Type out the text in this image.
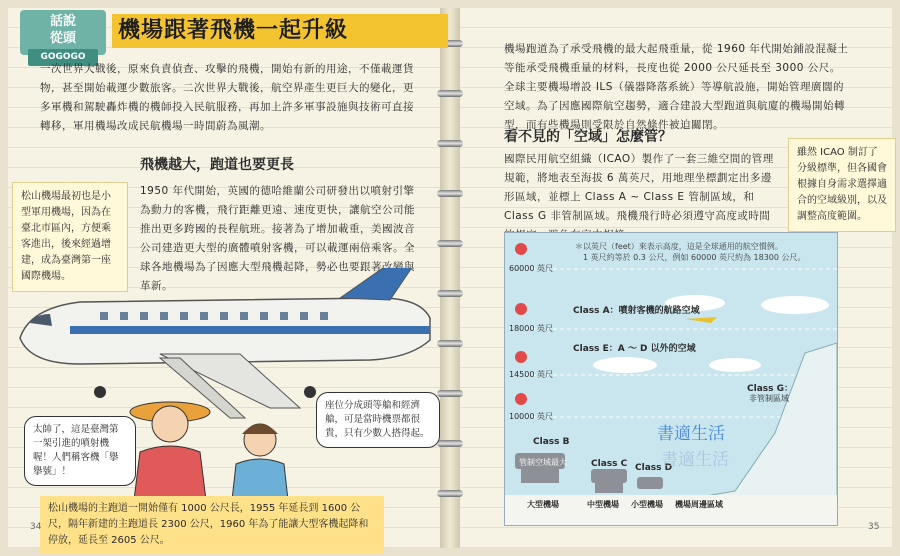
話說
從頭
GOGOGO
機場跟著飛機一起升級

一次世界大戰後，原來負責偵查、攻擊的飛機，開始有新的用途，不僅載運貨物，甚至開始載運少數旅客。二次世界大戰後，航空界產生更巨大的變化，更多軍機和駕駛轟炸機的機師投入民航服務，再加上許多軍事設施與技術可直接轉移，軍用機場改成民航機場一時間蔚為風潮。

飛機越大，跑道也要更長

松山機場最初也是小型軍用機場，因為在臺北市區內，方便乘客進出，後來經過增建，成為臺灣第一座國際機場。

1950 年代開始，英國的德哈維蘭公司研發出以噴射引擎為動力的客機，飛行距離更遠、速度更快，讓航空公司能推出更多跨國的長程航班。接著為了增加載重，美國波音公司建造更大型的廣體噴射客機，可以載運兩倍乘客。全球各地機場為了因應大型飛機起降，勢必也要跟著改變與革新。

太帥了，這是臺灣第一架引進的噴射機喔！人們稱客機「擧擧號」！
座位分成頭等艙和經濟艙，可是當時機票都很貴，只有少數人搭得起。
松山機場的主跑道一開始僅有 1000 公尺長，1955 年延長到 1600 公尺，隔年新建的主跑道長 2300 公尺，1960 年為了能讓大型客機起降和停放，延長至 2605 公尺。
34

機場跑道為了承受飛機的最大起飛重量，從 1960 年代開始鋪設混凝土等能承受飛機重量的材料，長度也從 2000 公尺延長至 3000 公尺。全球主要機場增設 ILS（儀器降落系統）等導航設施，開始管理廣闊的空域。為了因應國際航空趨勢，適合建設大型跑道與航廈的機場開始轉型，而有些機場則受限於自然條件被迫關閉。

看不見的「空域」怎麼管？

國際民用航空組織（ICAO）製作了一套三維空間的管理規範，將地表至海拔 6 萬英尺，用地理坐標劃定出多邊形區域，並標上 Class A ~ Class E 管制區域，和 Class G 非管制區域。飛機飛行時必須遵守高度或時間

雖然 ICAO 制訂了分級標準，但各國會根據自身需求選擇適合的空域級別，以及調整高度範圍。
＊以英尺（feet）來表示高度，這是全球通用的航空慣例。
1 英尺約等於 0.3 公尺，例如 60000 英尺約為 18300 公尺。
60000 英尺
18000 英尺
14500 英尺
10000 英尺
Class A：噴射客機的航路空域
Class E：A ～ D 以外的空域
Class G：
非管制區域
Class B
Class C Class D
管制空域最大
大型機場	中型機場 小型機場 機場周邊區域
書適生活
書適生活
35
